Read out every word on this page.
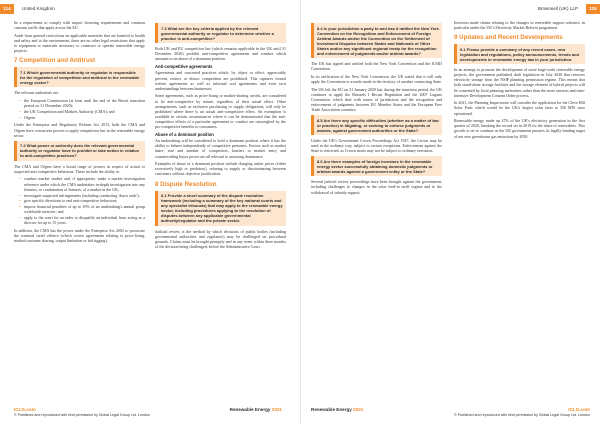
114	United Kingdom

be a requirement to comply with import licensing requirements and common customs tariffs that apply across the EU.

Aside from general restrictions on applicable materials that are harmful to health and safety and to the environment, there are no other legal restrictions that apply to equipment or materials necessary to construct or operate renewable energy projects.

7 Competition and Antitrust
7.1 Which governmental authority or regulator is responsible for the regulation of competition and antitrust in the renewable energy sector?

The relevant authorities are:

• the European Commission (at least until the end of the Brexit transition period on 31 December 2020);
• the UK Competition and Markets Authority (CMA); and
• Ofgem.

Under the Enterprise and Regulatory Reform Act 2013, both the CMA and Ofgem have concurrent powers to apply competition law in the renewable energy sector.

7.2 What power or authority does the relevant governmental authority or regulator have to prohibit or take action in relation to anti-competitive practices?

The CMA and Ofgem have a broad range of powers in respect of actual or suspected anti-competitive behaviour. These include the ability to:

• conduct market studies and, if appropriate, make a market investigation reference under which the CMA undertakes in-depth investigation into any features, or combination of features, of a market in the UK;
• investigate suspected infringements (including conducting 'dawn raids');
• give specific directions to end anti-competitive behaviour;
• impose financial penalties of up to 10% of an undertaking's annual group worldwide turnover; and
• apply to the court for an order to disqualify an individual from acting as a director for up to 15 years.

In addition, the CMA has the power under the Enterprise Act 2002 to prosecute the criminal cartel offence (which covers agreements relating to price-fixing, market/customer sharing, output limitation or bid rigging).

7.3 What are the key criteria applied by the relevant governmental authority or regulator to determine whether a practice is anti-competitive?

Both UK and EU competition law (which remains applicable in the UK until 31 December 2020) prohibit anti-competitive agreements and conduct which amounts to an abuse of a dominant position.

Anti-competitive agreements

Agreements and concerted practices which, by object or effect, appreciably prevent, restrict or distort competition are prohibited. This captures formal written agreements as well as informal oral agreements and even tacit understandings between businesses.

Some agreements, such as price-fixing or market-sharing cartels, are considered to be anti-competitive by nature, regardless of their actual effect. Other arrangements, such as exclusive purchasing or supply obligations, will only be prohibited where there is an actual anti-competitive effect. An exemption is available in certain circumstances where it can be demonstrated that the anti-competitive effects of a particular agreement or conduct are outweighed by the pro-competitive benefits to consumers.

Abuse of a dominant position

An undertaking will be considered to hold a dominant position where it has the ability to behave independently of competitive pressures. Factors such as market share, size and number of competitors, barriers to market entry and countervailing buyer power are all relevant to assessing dominance.

Examples of abuse of a dominant position include charging unfair prices (either excessively high or predatory), refusing to supply or discriminating between customers without objective justification.

8 Dispute Resolution
8.1 Provide a short summary of the dispute resolution framework (including a summary of the key national courts and any specialist tribunals) that may apply to the renewable energy sector, including procedures applying to the resolution of disputes between any applicable governmental authority/regulator and the private sector.

Judicial review is the method by which decisions of public bodies (including governmental authorities and regulators) may be challenged on procedural grounds. Claims must be brought promptly and in any event within three months of the decision being challenged, before the Administrative Court.

ICLG.com
© Published and reproduced with kind permission by Global Legal Group Ltd, London
Renewable Energy 2021
Brownsell (UK) LLP	115
8.4 Is your jurisdiction a party to and has it ratified the New York Convention on the Recognition and Enforcement of Foreign Arbitral Awards and/or the Convention on the Settlement of Investment Disputes between States and Nationals of Other States and/or any significant regional treaty for the recognition and enforcement of judgments and/or arbitral awards?

The UK has signed and ratified both the New York Convention and the ICSID Convention.

In its ratification of the New York Convention, the UK stated that it will only apply the Convention to awards made in the territory of another contracting State.

The UK left the EU on 31 January 2020 but, during the transition period, the UK continues to apply the Brussels I Recast Regulation and the 2007 Lugano Convention, which deal with issues of jurisdiction and the recognition and enforcement of judgments between EU Member States and the European Free Trade Association countries.

8.5 Are there any specific difficulties (whether as a matter of law or practice) in litigating, or seeking to enforce judgments or awards, against government authorities or the State?

Under the UK's Government Crown Proceedings Act 1947, the Crown may be sued in the ordinary way, subject to certain exceptions. Enforcement against the State is restricted, as Crown assets may not be subject to ordinary execution.

8.6 Are there examples of foreign investors in the renewable energy sector successfully obtaining domestic judgments or arbitral awards against a government entity or the State?

Several judicial review proceedings have been brought against the government, including challenges to changes in the solar feed-in tariff regime and to the withdrawal of subsidy support.

Investors made claims relating to the changes in renewable support schemes, in particular under the UK's Electricity Market Reform programme.

9 Updates and Recent Developments
9.1 Please provide a summary of any recent cases, new legislation and regulations, policy announcements, trends and developments in renewable energy law in your jurisdiction.

In an attempt to promote the development of more large-scale renewable energy projects, the government published draft legislation in July 2020 that removes electricity storage from the NSIP planning permission regime. This means that both stand-alone storage facilities and the storage element of hybrid projects will be consented by local planning authorities rather than the more onerous and time-intensive Development Consent Order process.

In 2021, the Planning Inspectorate will consider the application for the Cleve Hill Solar Park, which would be the UK's largest solar farm at 350 MW once operational.

Renewable energy made up 47% of the UK's electricity generation in the first quarter of 2020, breaking the record set in 2019 for the share of renewables. This growth is set to continue as the UK government pursues its legally binding target of net zero greenhouse gas emissions by 2050.

Renewable Energy 2021	ICLG.com
© Published and reproduced with kind permission by Global Legal Group Ltd, London
